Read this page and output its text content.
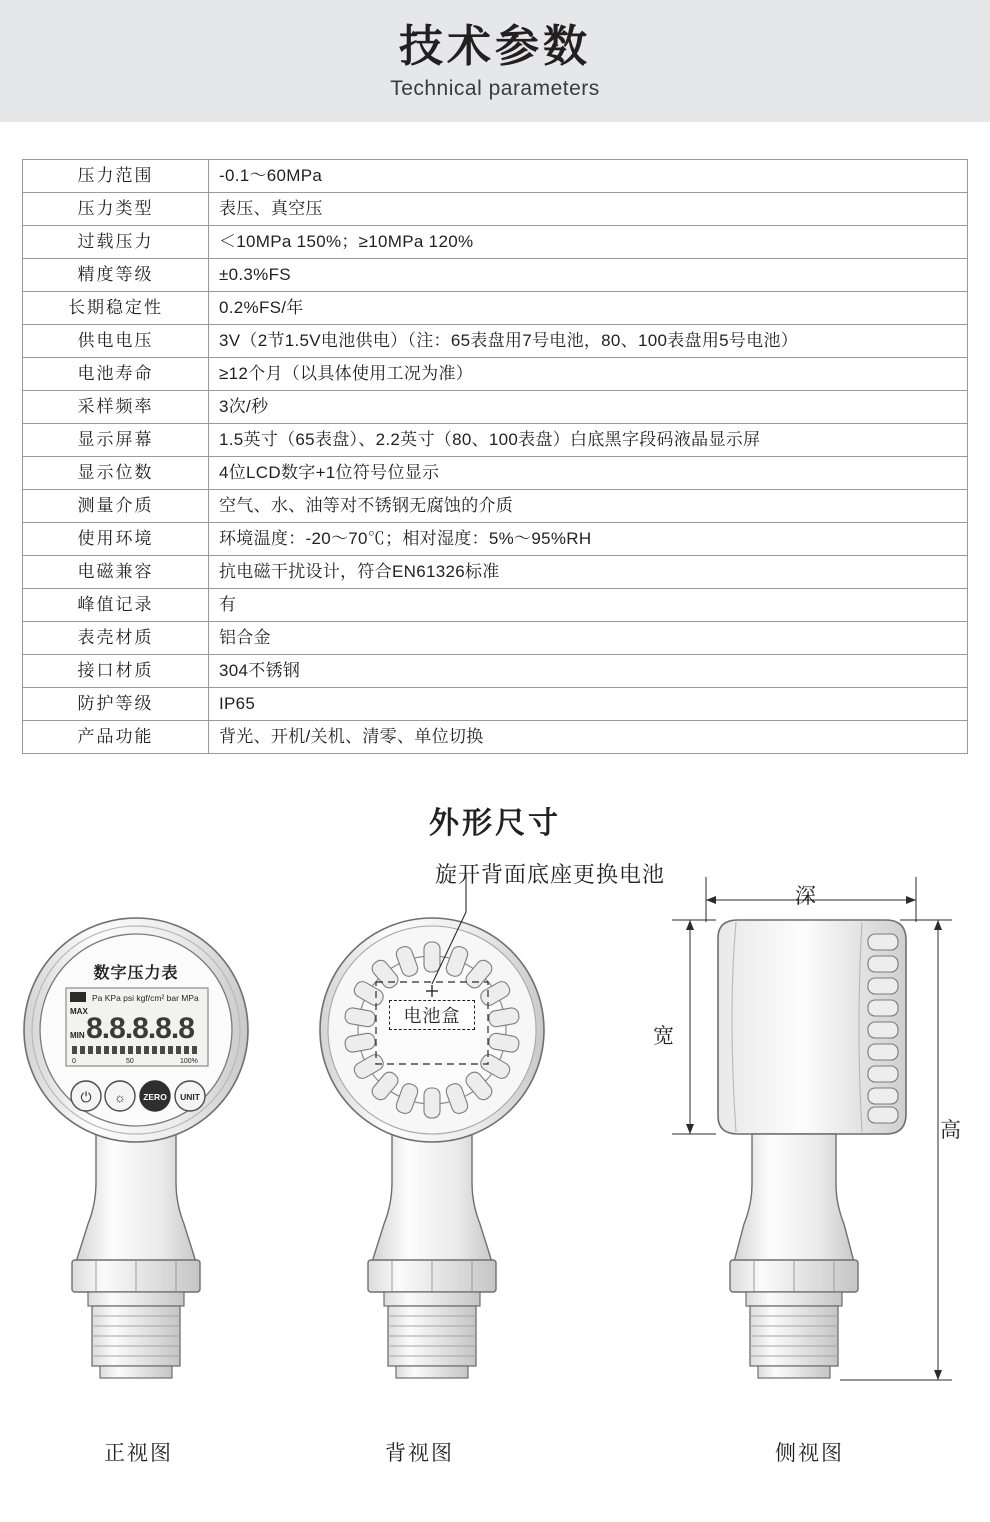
技术参数
Technical parameters
压力范围	-0.1～60MPa
压力类型	表压、真空压
过载压力	＜10MPa 150%；≥10MPa 120%
精度等级	±0.3%FS
长期稳定性	0.2%FS/年
供电电压	3V（2节1.5V电池供电）（注：65表盘用7号电池，80、100表盘用5号电池）
电池寿命	≥12个月（以具体使用工况为准）
采样频率	3次/秒
显示屏幕	1.5英寸（65表盘）、2.2英寸（80、100表盘）白底黑字段码液晶显示屏
显示位数	4位LCD数字+1位符号位显示
测量介质	空气、水、油等对不锈钢无腐蚀的介质
使用环境	环境温度：-20～70℃；相对湿度：5%～95%RH
电磁兼容	抗电磁干扰设计，符合EN61326标准
峰值记录	有
表壳材质	铝合金
接口材质	304不锈钢
防护等级	IP65
产品功能	背光、开机/关机、清零、单位切换
外形尺寸
旋开背面底座更换电池
数字压力表
Pa KPa psi kgf/cm² bar MPa
MAX
MIN 8.8.8.8.8
0	50	100%
⏻ ☼ ZERO UNIT
电池盒
深
宽
高
正视图	背视图	侧视图
